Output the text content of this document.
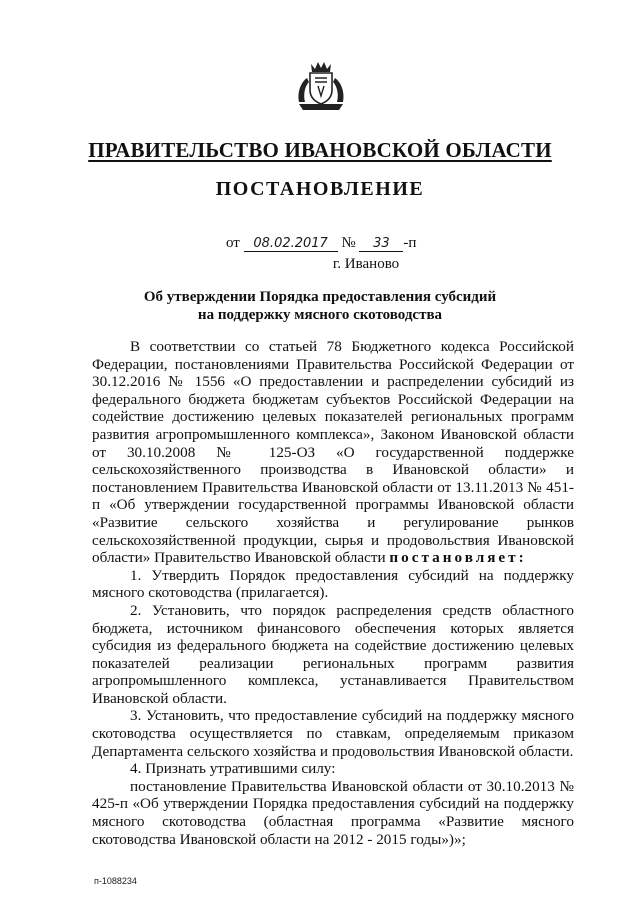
ПРАВИТЕЛЬСТВО ИВАНОВСКОЙ ОБЛАСТИ
ПОСТАНОВЛЕНИЕ
от 08.02.2017 № 33 -п
г. Иваново
Об утверждении Порядка предоставления субсидий
на поддержку мясного скотоводства

В соответствии со статьей 78 Бюджетного кодекса Российской Федерации, постановлениями Правительства Российской Федерации от 30.12.2016 № 1556 «О предоставлении и распределении субсидий из федерального бюджета бюджетам субъектов Российской Федерации на содействие достижению целевых показателей региональных программ развития агропромышленного комплекса», Законом Ивановской области от 30.10.2008 № 125-ОЗ «О государственной поддержке сельскохозяйственного производства в Ивановской области» и постановлением Правительства Ивановской области от 13.11.2013 № 451-п «Об утверждении государственной программы Ивановской области «Развитие сельского хозяйства и регулирование рынков сельскохозяйственной продукции, сырья и продовольствия Ивановской области» Правительство Ивановской области постановляет:

1. Утвердить Порядок предоставления субсидий на поддержку мясного скотоводства (прилагается).

2. Установить, что порядок распределения средств областного бюджета, источником финансового обеспечения которых является субсидия из федерального бюджета на содействие достижению целевых показателей реализации региональных программ развития агропромышленного комплекса, устанавливается Правительством Ивановской области.

3. Установить, что предоставление субсидий на поддержку мясного скотоводства осуществляется по ставкам, определяемым приказом Департамента сельского хозяйства и продовольствия Ивановской области.

4. Признать утратившими силу:

постановление Правительства Ивановской области от 30.10.2013 № 425-п «Об утверждении Порядка предоставления субсидий на поддержку мясного скотоводства (областная программа «Развитие мясного скотоводства Ивановской области на 2012 - 2015 годы»)»;

п-1088234
